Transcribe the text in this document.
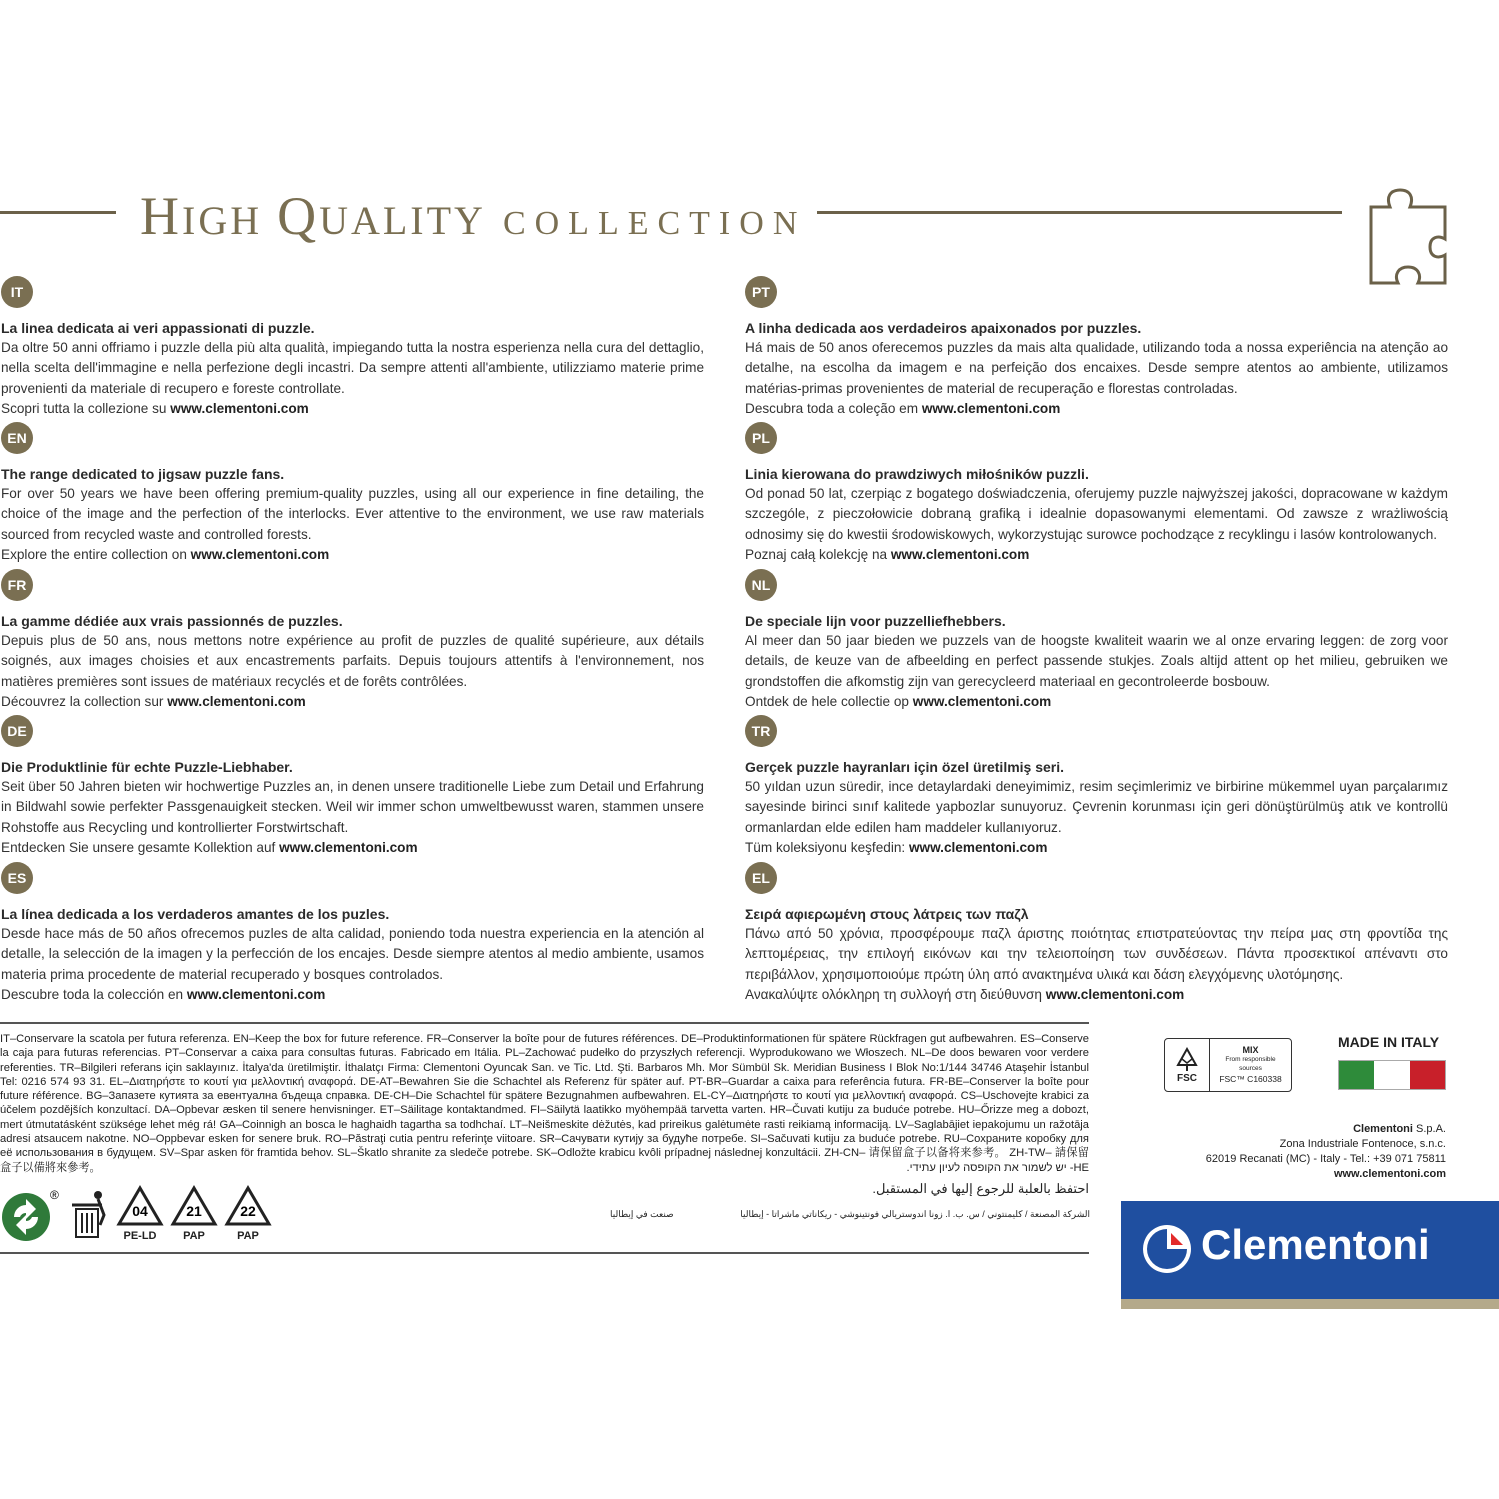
HIGH QUALITY COLLECTION
IT
La linea dedicata ai veri appassionati di puzzle.
Da oltre 50 anni offriamo i puzzle della più alta qualità, impiegando tutta la nostra esperienza nella cura del dettaglio, nella scelta dell'immagine e nella perfezione degli incastri. Da sempre attenti all'ambiente, utilizziamo materie prime provenienti da materiale di recupero e foreste controllate.
Scopri tutta la collezione su www.clementoni.com
EN
The range dedicated to jigsaw puzzle fans.
For over 50 years we have been offering premium-quality puzzles, using all our experience in fine detailing, the choice of the image and the perfection of the interlocks. Ever attentive to the environment, we use raw materials sourced from recycled waste and controlled forests.
Explore the entire collection on www.clementoni.com
FR
La gamme dédiée aux vrais passionnés de puzzles.
Depuis plus de 50 ans, nous mettons notre expérience au profit de puzzles de qualité supérieure, aux détails soignés, aux images choisies et aux encastrements parfaits. Depuis toujours attentifs à l'environnement, nos matières premières sont issues de matériaux recyclés et de forêts contrôlées.
Découvrez la collection sur www.clementoni.com
DE
Die Produktlinie für echte Puzzle-Liebhaber.
Seit über 50 Jahren bieten wir hochwertige Puzzles an, in denen unsere traditionelle Liebe zum Detail und Erfahrung in Bildwahl sowie perfekter Passgenauigkeit stecken. Weil wir immer schon umweltbewusst waren, stammen unsere Rohstoffe aus Recycling und kontrollierter Forstwirtschaft.
Entdecken Sie unsere gesamte Kollektion auf www.clementoni.com
ES
La línea dedicada a los verdaderos amantes de los puzles.
Desde hace más de 50 años ofrecemos puzles de alta calidad, poniendo toda nuestra experiencia en la atención al detalle, la selección de la imagen y la perfección de los encajes. Desde siempre atentos al medio ambiente, usamos materia prima procedente de material recuperado y bosques controlados.
Descubre toda la colección en www.clementoni.com
PT
A linha dedicada aos verdadeiros apaixonados por puzzles.
Há mais de 50 anos oferecemos puzzles da mais alta qualidade, utilizando toda a nossa experiência na atenção ao detalhe, na escolha da imagem e na perfeição dos encaixes. Desde sempre atentos ao ambiente, utilizamos matérias-primas provenientes de material de recuperação e florestas controladas.
Descubra toda a coleção em www.clementoni.com
PL
Linia kierowana do prawdziwych miłośników puzzli.
Od ponad 50 lat, czerpiąc z bogatego doświadczenia, oferujemy puzzle najwyższej jakości, dopracowane w każdym szczególe, z pieczołowicie dobraną grafiką i idealnie dopasowanymi elementami. Od zawsze z wrażliwością odnosimy się do kwestii środowiskowych, wykorzystując surowce pochodzące z recyklingu i lasów kontrolowanych.
Poznaj całą kolekcję na www.clementoni.com
NL
De speciale lijn voor puzzelliefhebbers.
Al meer dan 50 jaar bieden we puzzels van de hoogste kwaliteit waarin we al onze ervaring leggen: de zorg voor details, de keuze van de afbeelding en perfect passende stukjes. Zoals altijd attent op het milieu, gebruiken we grondstoffen die afkomstig zijn van gerecycleerd materiaal en gecontroleerde bosbouw.
Ontdek de hele collectie op www.clementoni.com
TR
Gerçek puzzle hayranları için özel üretilmiş seri.
50 yıldan uzun süredir, ince detaylardaki deneyimimiz, resim seçimlerimiz ve birbirine mükemmel uyan parçalarımız sayesinde birinci sınıf kalitede yapbozlar sunuyoruz. Çevrenin korunması için geri dönüştürülmüş atık ve kontrollü ormanlardan elde edilen ham maddeler kullanıyoruz.
Tüm koleksiyonu keşfedin: www.clementoni.com
EL
Σειρά αφιερωμένη στους λάτρεις των παζλ
Πάνω από 50 χρόνια, προσφέρουμε παζλ άριστης ποιότητας επιστρατεύοντας την πείρα μας στη φροντίδα της λεπτομέρειας, την επιλογή εικόνων και την τελειοποίηση των συνδέσεων. Πάντα προσεκτικοί απέναντι στο περιβάλλον, χρησιμοποιούμε πρώτη ύλη από ανακτημένα υλικά και δάση ελεγχόμενης υλοτόμησης.
Ανακαλύψτε ολόκληρη τη συλλογή στη διεύθυνση www.clementoni.com
IT–Conservare la scatola per futura referenza. EN–Keep the box for future reference. FR–Conserver la boîte pour de futures références. DE–Produktinformationen für spätere Rückfragen gut aufbewahren. ES–Conserve la caja para futuras referencias. PT–Conservar a caixa para consultas futuras. Fabricado em Itália. PL–Zachować pudełko do przyszłych referencji. Wyprodukowano we Włoszech. NL–De doos bewaren voor verdere referenties. TR–Bilgileri referans için saklayınız. İtalya'da üretilmiştir. İthalatçı Firma: Clementoni Oyuncak San. ve Tic. Ltd. Şti. Barbaros Mh. Mor Sümbül Sk. Meridian Business I Blok No:1/144 34746 Ataşehir İstanbul Tel: 0216 574 93 31. EL–Διατηρήστε το κουτί για μελλοντική αναφορά. DE-AT–Bewahren Sie die Schachtel als Referenz für später auf. PT-BR–Guardar a caixa para referência futura. FR-BE–Conserver la boîte pour future référence. BG–Запазете кутията за евентуална бъдеща справка. DE-CH–Die Schachtel für spätere Bezugnahmen aufbewahren. EL-CY–Διατηρήστε το κουτί για μελλοντική αναφορά. CS–Uschovejte krabici za účelem pozdějších konzultací. DA–Opbevar æsken til senere henvisninger. ET–Säilitage kontaktandmed. FI–Säilytä laatikko myöhempää tarvetta varten. HR–Čuvati kutiju za buduće potrebe. HU–Őrizze meg a dobozt, mert útmutatásként szüksége lehet még rá! GA–Coinnigh an bosca le haghaidh tagartha sa todhchaí. LT–Neišmeskite dėžutės, kad prireikus galėtumėte rasti reikiamą informaciją. LV–Saglabājiet iepakojumu un ražotāja adresi atsaucem nakotne. NO–Oppbevar esken for senere bruk. RO–Păstraţi cutia pentru referinţe viitoare. SR–Сачувати кутију за будуће потребе. SI–Sačuvati kutiju za buduće potrebe. RU–Сохраните коробку для её использования в будущем. SV–Spar asken för framtida behov. SL–Škatlo shranite za sledeče potrebe. SK–Odložte krabicu kvôli prípadnej následnej konzultácii. ZH-CN– 请保留盒子以备将来参考。 ZH-TW– 請保留盒子以備將來參考。	HE- יש לשמור את הקופסה לעיון עתידי.
احتفظ بالعلبة للرجوع إليها في المستقبل.
الشركة المصنعة / كليمنتوني / س. ب. ا. زونا اندوستريالي فونتينوشي - ريكاناتي ماشراتا - إيطاليا
صنعت في إيطاليا
®
04
PE-LD
21
PAP
22
PAP
FSC
MIX
From responsible sources
FSC™ C160338
MADE IN ITALY
Clementoni S.p.A.
Zona Industriale Fontenoce, s.n.c.
62019 Recanati (MC) - Italy - Tel.: +39 071 75811
www.clementoni.com
Clementoni
